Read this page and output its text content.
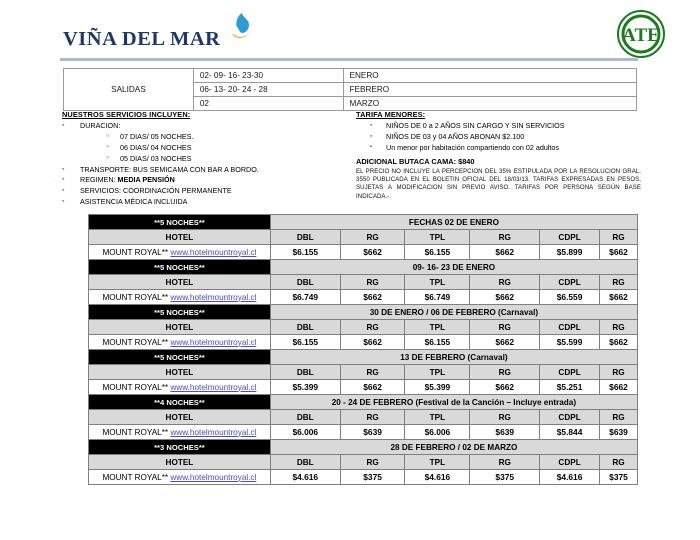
VIÑA DEL MAR	ATE
SALIDAS	02- 09- 16- 23-30	ENERO
	06- 13- 20- 24 - 28	FEBRERO
	02	MARZO
NUESTROS SERVICIOS INCLUYEN:
▪	DURACION:
○	07 DIAS/ 05 NOCHES.
○	06 DIAS/ 04 NOCHES
○	05 DIAS/ 03 NOCHES
▪	TRANSPORTE: BUS SEMICAMA CON BAR A BORDO.
▪	REGIMEN: MEDIA PENSIÓN
▪	SERVICIOS: COORDINACIÓN PERMANENTE
▪	ASISTENCIA MÉDICA INCLUIDA
TARIFA MENORES:
▪	NIÑOS DE 0 a 2 AÑOS SIN CARGO Y SIN SERVICIOS
▪	NIÑOS DE 03 y 04 AÑOS ABONAN $2.100
▪	Un menor por habitación compartiendo con 02 adultos
ADICIONAL BUTACA CAMA: $840
EL PRECIO NO INCLUYE LA PERCEPCION DEL 35% ESTIPULADA POR LA RESOLUCION GRAL. 3550 PUBLICADA EN EL BOLETIN OFICIAL DEL 18/03/13. TARIFAS EXPRESADAS EN PESOS, SUJETAS A MODIFICACION SIN PREVIO AVISO. TARIFAS POR PERSONA SEGÚN BASE INDICADA.-
**5 NOCHES**	FECHAS 02 DE ENERO					
HOTEL	DBL	RG	TPL	RG	CDPL	RG
MOUNT ROYAL** www.hotelmountroyal.cl	$6.155	$662	$6.155	$662	$5.899	$662
**5 NOCHES**	09- 16- 23 DE ENERO					
HOTEL	DBL	RG	TPL	RG	CDPL	RG
MOUNT ROYAL** www.hotelmountroyal.cl	$6.749	$662	$6.749	$662	$6.559	$662
**5 NOCHES**	30 DE ENERO / 06 DE FEBRERO (Carnaval)					
HOTEL	DBL	RG	TPL	RG	CDPL	RG
MOUNT ROYAL** www.hotelmountroyal.cl	$6.155	$662	$6.155	$662	$5.599	$662
**5 NOCHES**	13 DE FEBRERO (Carnaval)					
HOTEL	DBL	RG	TPL	RG	CDPL	RG
MOUNT ROYAL** www.hotelmountroyal.cl	$5.399	$662	$5.399	$662	$5.251	$662
**4 NOCHES**	20 - 24 DE FEBRERO (Festival de la Canción – Incluye entrada)					
HOTEL	DBL	RG	TPL	RG	CDPL	RG
MOUNT ROYAL** www.hotelmountroyal.cl	$6.006	$639	$6.006	$639	$5.844	$639
**3 NOCHES**	28 DE FEBRERO / 02 DE MARZO					
HOTEL	DBL	RG	TPL	RG	CDPL	RG
MOUNT ROYAL** www.hotelmountroyal.cl	$4.616	$375	$4.616	$375	$4.616	$375
